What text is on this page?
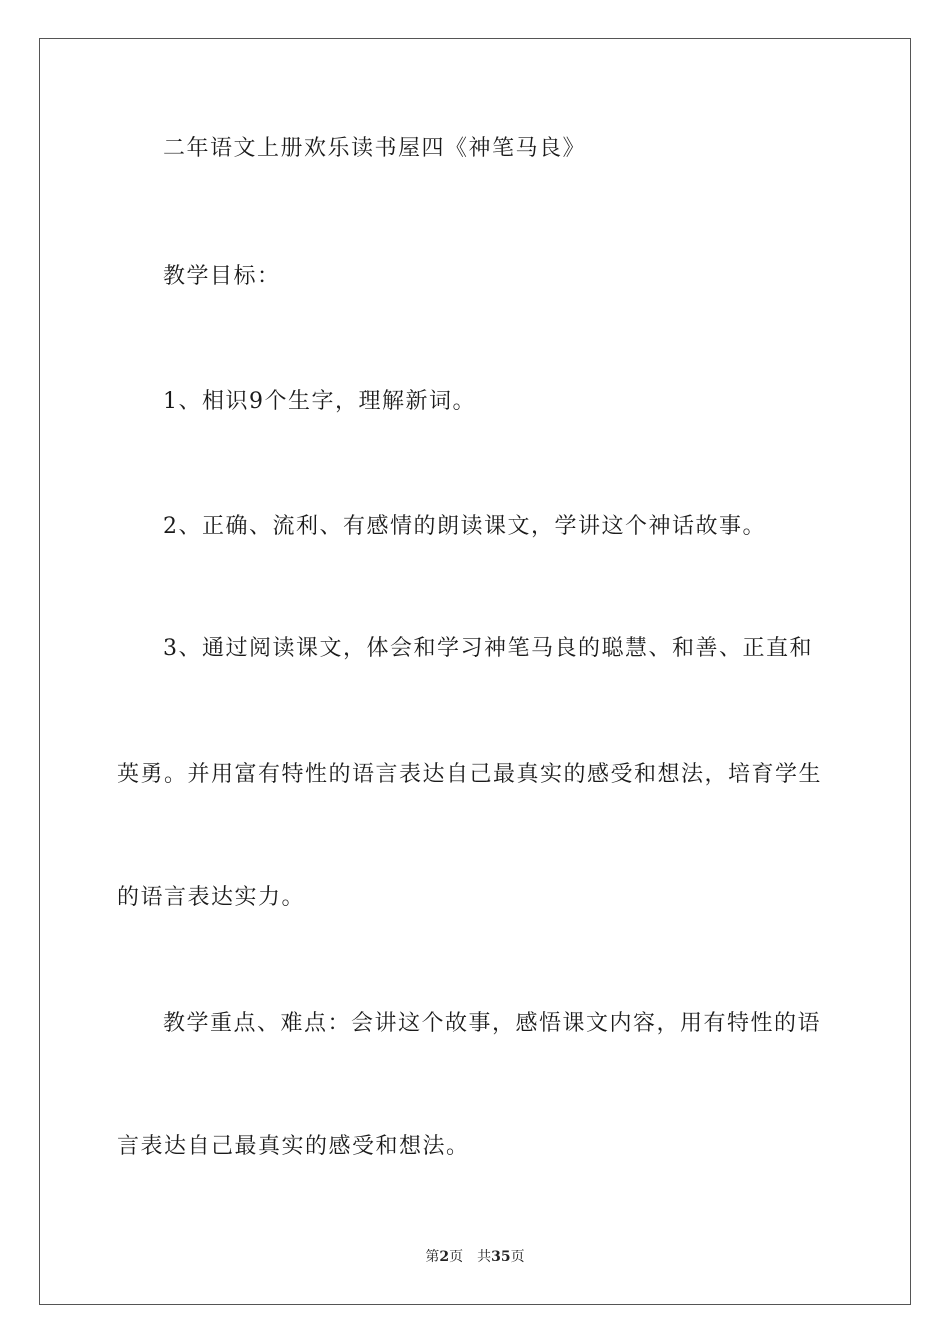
二年语文上册欢乐读书屋四《神笔马良》
教学目标：
1、相识9个生字，理解新词。
2、正确、流利、有感情的朗读课文，学讲这个神话故事。
3、通过阅读课文，体会和学习神笔马良的聪慧、和善、正直和
英勇。并用富有特性的语言表达自己最真实的感受和想法，培育学生
的语言表达实力。
教学重点、难点：会讲这个故事，感悟课文内容，用有特性的语
言表达自己最真实的感受和想法。
第2页 共35页
